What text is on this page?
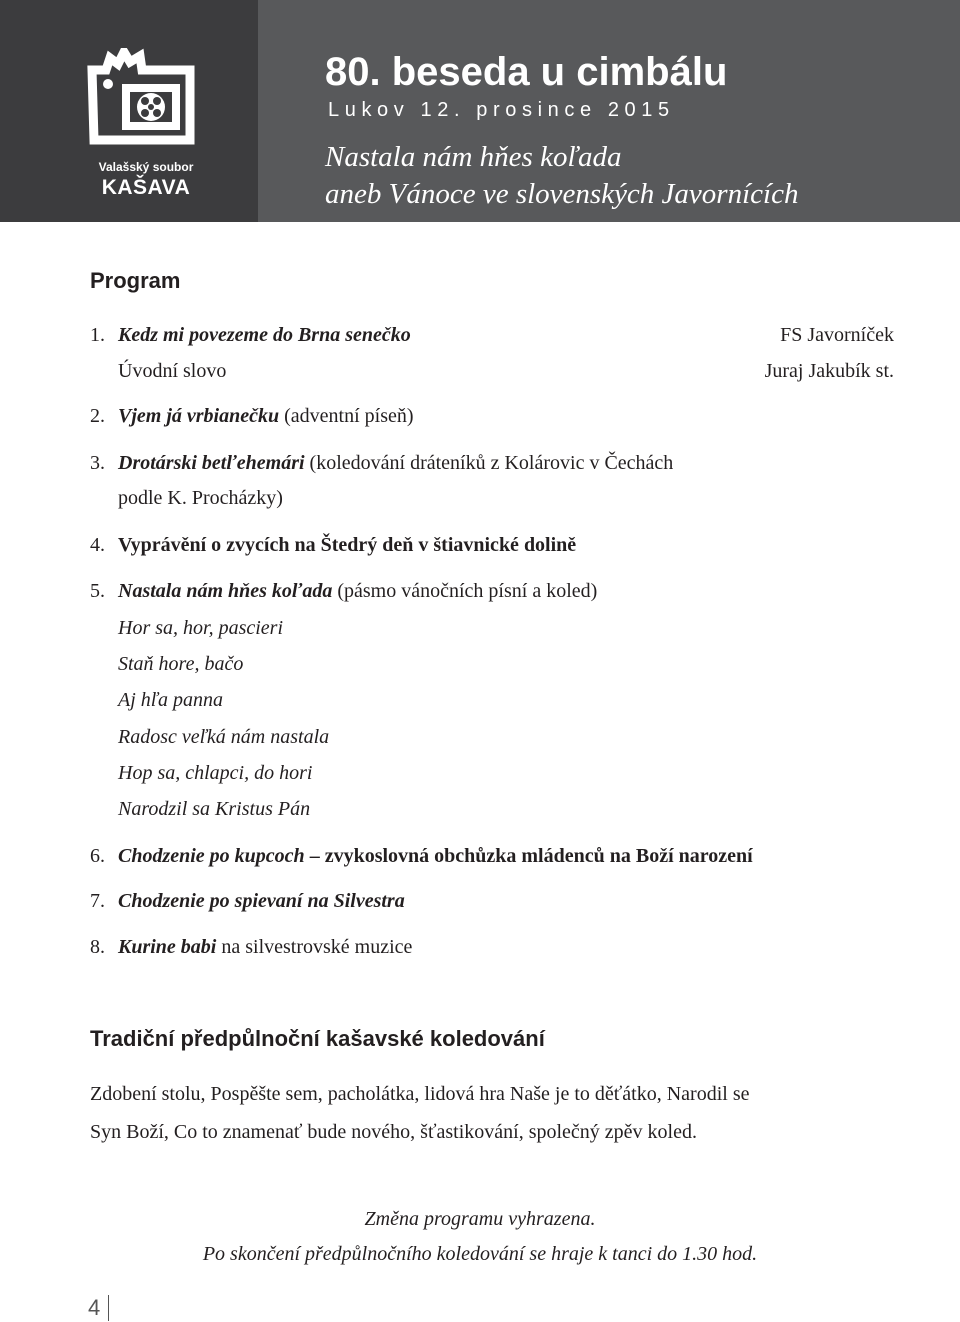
Valašský soubor
KAŠAVA
80. beseda u cimbálu
Lukov 12. prosince 2015
Nastala nám hňes koľada
aneb Vánoce ve slovenských Javornících
Program
1. Kedz mi povezeme do Brna senečko	FS Javorníček
Úvodní slovo	Juraj Jakubík st.
2. Vjem já vrbianečku (adventní píseň)
3. Drotárski betľehemári (koledování dráteníků z Kolárovic v Čechách
podle K. Procházky)
4. Vyprávění o zvycích na Štedrý deň v štiavnické dolině
5. Nastala nám hňes koľada (pásmo vánočních písní a koled)
Hor sa, hor, pascieri
Staň hore, bačo
Aj hľa panna
Radosc veľká nám nastala
Hop sa, chlapci, do hori
Narodzil sa Kristus Pán
6. Chodzenie po kupcoch – zvykoslovná obchůzka mládenců na Boží narození
7. Chodzenie po spievaní na Silvestra
8. Kurine babi na silvestrovské muzice
Tradiční předpůlnoční kašavské koledování
Zdobení stolu, Pospěšte sem, pacholátka, lidová hra Naše je to děťátko, Narodil se
Syn Boží, Co to znamenať bude nového, šťastikování, společný zpěv koled.
Změna programu vyhrazena.
Po skončení předpůlnočního koledování se hraje k tanci do 1.30 hod.
4
